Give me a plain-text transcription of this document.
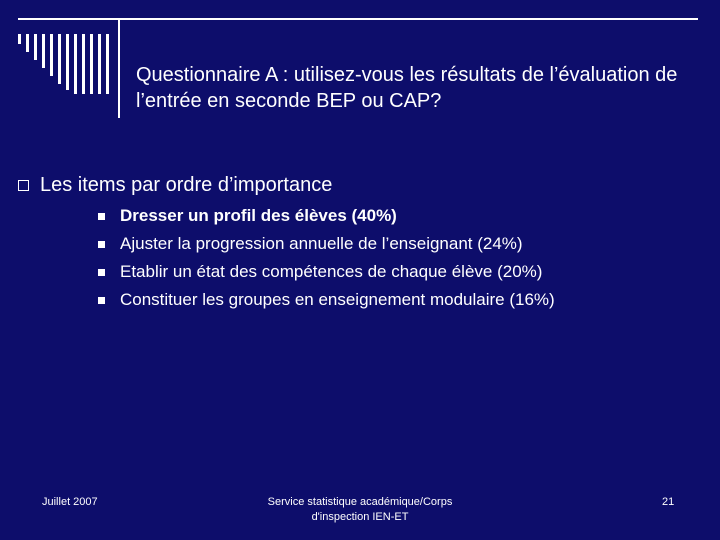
Questionnaire A : utilisez-vous les résultats de l’évaluation de l’entrée en seconde BEP ou CAP?
Les items par ordre d’importance
Dresser un profil des élèves (40%)
Ajuster la progression annuelle de l’enseignant (24%)
Etablir un état des compétences de chaque élève (20%)
Constituer les groupes en enseignement modulaire (16%)
Juillet 2007	Service statistique académique/Corps
d'inspection IEN-ET
21
